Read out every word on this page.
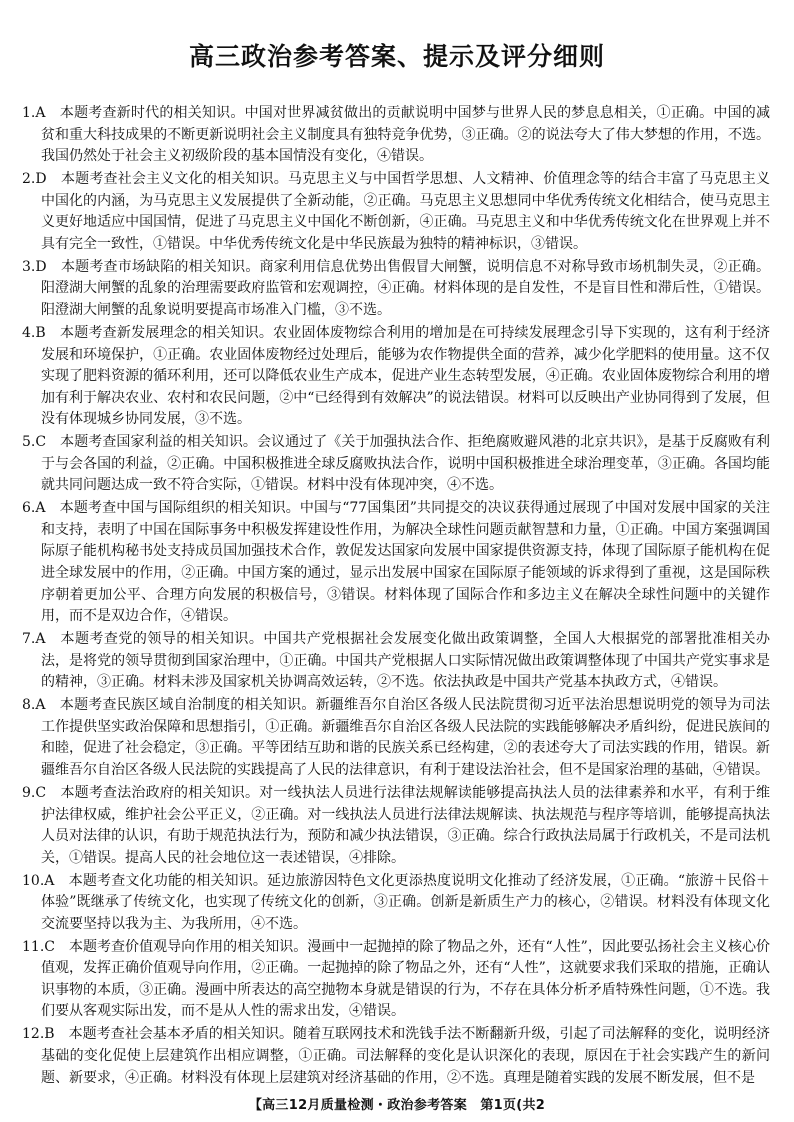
高三政治参考答案、提示及评分细则

1.A　本题考查新时代的相关知识。中国对世界减贫做出的贡献说明中国梦与世界人民的梦息息相关，①正确。中国的减贫和重大科技成果的不断更新说明社会主义制度具有独特竞争优势，③正确。②的说法夸大了伟大梦想的作用，不选。我国仍然处于社会主义初级阶段的基本国情没有变化，④错误。

2.D　本题考查社会主义文化的相关知识。马克思主义与中国哲学思想、人文精神、价值理念等的结合丰富了马克思主义中国化的内涵，为马克思主义发展提供了全新动能，②正确。马克思主义思想同中华优秀传统文化相结合，使马克思主义更好地适应中国国情，促进了马克思主义中国化不断创新，④正确。马克思主义和中华优秀传统文化在世界观上并不具有完全一致性，①错误。中华优秀传统文化是中华民族最为独特的精神标识，③错误。

3.D　本题考查市场缺陷的相关知识。商家利用信息优势出售假冒大闸蟹，说明信息不对称导致市场机制失灵，②正确。阳澄湖大闸蟹的乱象的治理需要政府监管和宏观调控，④正确。材料体现的是自发性，不是盲目性和滞后性，①错误。阳澄湖大闸蟹的乱象说明要提高市场准入门槛，③不选。

4.B　本题考查新发展理念的相关知识。农业固体废物综合利用的增加是在可持续发展理念引导下实现的，这有利于经济发展和环境保护，①正确。农业固体废物经过处理后，能够为农作物提供全面的营养，减少化学肥料的使用量。这不仅实现了肥料资源的循环利用，还可以降低农业生产成本，促进产业生态转型发展，④正确。农业固体废物综合利用的增加有利于解决农业、农村和农民问题，②中“已经得到有效解决”的说法错误。材料可以反映出产业协同得到了发展，但没有体现城乡协同发展，③不选。

5.C　本题考查国家利益的相关知识。会议通过了《关于加强执法合作、拒绝腐败避风港的北京共识》，是基于反腐败有利于与会各国的利益，②正确。中国积极推进全球反腐败执法合作，说明中国积极推进全球治理变革，③正确。各国均能就共同问题达成一致不符合实际，①错误。材料中没有体现冲突，④不选。

6.A　本题考查中国与国际组织的相关知识。中国与“77国集团”共同提交的决议获得通过展现了中国对发展中国家的关注和支持，表明了中国在国际事务中积极发挥建设性作用，为解决全球性问题贡献智慧和力量，①正确。中国方案强调国际原子能机构秘书处支持成员国加强技术合作，敦促发达国家向发展中国家提供资源支持，体现了国际原子能机构在促进全球发展中的作用，②正确。中国方案的通过，显示出发展中国家在国际原子能领域的诉求得到了重视，这是国际秩序朝着更加公平、合理方向发展的积极信号，③错误。材料体现了国际合作和多边主义在解决全球性问题中的关键作用，而不是双边合作，④错误。

7.A　本题考查党的领导的相关知识。中国共产党根据社会发展变化做出政策调整，全国人大根据党的部署批准相关办法，是将党的领导贯彻到国家治理中，①正确。中国共产党根据人口实际情况做出政策调整体现了中国共产党实事求是的精神，③正确。材料未涉及国家机关协调高效运转，②不选。依法执政是中国共产党基本执政方式，④错误。

8.A　本题考查民族区域自治制度的相关知识。新疆维吾尔自治区各级人民法院贯彻习近平法治思想说明党的领导为司法工作提供坚实政治保障和思想指引，①正确。新疆维吾尔自治区各级人民法院的实践能够解决矛盾纠纷，促进民族间的和睦，促进了社会稳定，③正确。平等团结互助和谐的民族关系已经构建，②的表述夸大了司法实践的作用，错误。新疆维吾尔自治区各级人民法院的实践提高了人民的法律意识，有利于建设法治社会，但不是国家治理的基础，④错误。

9.C　本题考查法治政府的相关知识。对一线执法人员进行法律法规解读能够提高执法人员的法律素养和水平，有利于维护法律权威，维护社会公平正义，②正确。对一线执法人员进行法律法规解读、执法规范与程序等培训，能够提高执法人员对法律的认识，有助于规范执法行为，预防和减少执法错误，③正确。综合行政执法局属于行政机关，不是司法机关，①错误。提高人民的社会地位这一表述错误，④排除。

10.A　本题考查文化功能的相关知识。延边旅游因特色文化更添热度说明文化推动了经济发展，①正确。“旅游＋民俗＋体验”既继承了传统文化，也实现了传统文化的创新，③正确。创新是新质生产力的核心，②错误。材料没有体现文化交流要坚持以我为主、为我所用，④不选。

11.C　本题考查价值观导向作用的相关知识。漫画中一起抛掉的除了物品之外，还有“人性”，因此要弘扬社会主义核心价值观，发挥正确价值观导向作用，②正确。一起抛掉的除了物品之外，还有“人性”，这就要求我们采取的措施，正确认识事物的本质，③正确。漫画中所表达的高空抛物本身就是错误的行为，不存在具体分析矛盾特殊性问题，①不选。我们要从客观实际出发，而不是从人性的需求出发，④错误。

12.B　本题考查社会基本矛盾的相关知识。随着互联网技术和洗钱手法不断翻新升级，引起了司法解释的变化，说明经济基础的变化促使上层建筑作出相应调整，①正确。司法解释的变化是认识深化的表现，原因在于社会实践产生的新问题、新要求，④正确。材料没有体现上层建筑对经济基础的作用，②不选。真理是随着实践的发展不断发展，但不是

【高三12月质量检测・政治参考答案　第1页(共2
